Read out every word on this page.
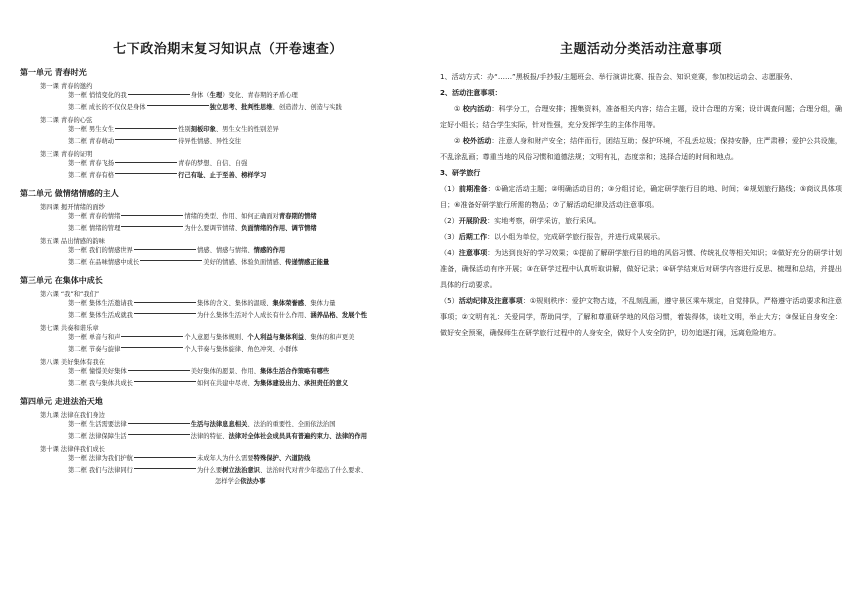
七下政治期末复习知识点（开卷速查）
第一单元 青春时光
第一课 青春的邀约
第一框 悄悄变化的我	身体（生理）变化、青春期的矛盾心理
第二框 成长的不仅仅是身体	独立思考、批判性思维、创造潜力、创造与实践
第二课 青春的心弦
第一框 男生女生	性别刻板印象、男生女生的性别差异
第二框 青春萌动	待异性情感、异性交往
第三课 青春的证明
第一框 青春飞扬	青春的梦想、自信、自强
第二框 青春有格	行己有耻、止于至善、榜样学习
第二单元 做情绪情感的主人
第四课 揭开情绪的面纱
第一框 青春的情绪	情绪的类型、作用、如何正确面对青春期的情绪
第二框 情绪的管理	为什么要调节情绪、负面情绪的作用、调节情绪
第五课 品出情感的韵味
第一框 我们的情感世界	情感、情感与情绪、情感的作用
第二框 在品味情感中成长	美好的情感、体验负面情感、传递情感正能量
第三单元 在集体中成长
第六课 “我”和“我们”
第一框 集体生活邀请我	集体的含义、集体的温暖、集体荣誉感、集体力量
第二框 集体生活成就我	为什么集体生活对个人成长有什么作用、涵养品格、发展个性
第七课 共奏和谐乐章
第一框 单音与和声	个人意愿与集体规则、个人利益与集体利益、集体的和声更美
第二框 节奏与旋律	个人节奏与集体旋律、角色冲突、小群体
第八课 美好集体有我在
第一框 憧憬美好集体	美好集体的愿景、作用、集体生活合作策略有哪些
第二框 我与集体共成长	如何在共建中尽责、为集体建设出力、承担责任的意义
第四单元 走进法治天地
第九课 法律在我们身边
第一框 生活需要法律	生活与法律息息相关、法治的重要性、全面依法治国
第二框 法律保障生活	法律的特征、法律对全体社会成员具有普遍约束力、法律的作用
第十课 法律伴我们成长
第一框 法律为我们护航	未成年人为什么需要特殊保护、六道防线
第二框 我们与法律同行	为什么要树立法治意识、法治时代对青少年提出了什么要求、
怎样学会依法办事
主题活动分类活动注意事项

1、活动方式：办“……”黑板报/手抄报/主题班会、举行演讲比赛、报告会、知识竞赛，参加校运动会、志愿服务、

2、活动注意事项：

① 校内活动：科学分工，合理安排；搜集资料，准备相关内容；结合主题，设计合理的方案；设计调查问题；合理分组，确定好小组长；结合学生实际，针对性强，充分发挥学生的主体作用等。

② 校外活动：注意人身和财产安全；结伴而行，团结互助；保护环境，不乱丢垃圾；保持安静，庄严肃穆；爱护公共设施，不乱涂乱画；尊重当地的风俗习惯和道德法规；文明有礼，态度亲和；选择合适的时间和地点。

3、研学旅行

（1）前期准备：①确定活动主题；②明确活动目的；③分组讨论，确定研学旅行目的地、时间；④规划旅行路线；⑤商议具体项目；⑥准备好研学旅行所需的物品；⑦了解活动纪律及活动注意事项。

（2）开展阶段：实地考察，研学采访，旅行采风。

（3）后期工作：以小组为单位，完成研学旅行报告，并进行成果展示。

（4）注意事项：为达到良好的学习效果；①提前了解研学旅行目的地的风俗习惯、传统礼仪等相关知识；②做好充分的研学计划准备，确保活动有序开展；③在研学过程中认真听取讲解，做好记录；④研学结束后对研学内容进行反思、梳理和总结，并提出具体的行动要求。

（5）活动纪律及注意事项：①规则秩序：爱护文物古迹，不乱刻乱画，遵守景区乘车规定，自觉排队，严格遵守活动要求和注意事项；②文明有礼：关爱同学，帮助同学，了解和尊重研学地的风俗习惯，着装得体，谈吐文明，举止大方；③保证自身安全：做好安全预案，确保师生在研学旅行过程中的人身安全，做好个人安全防护，切勿追逐打闹，远离危险地方。
